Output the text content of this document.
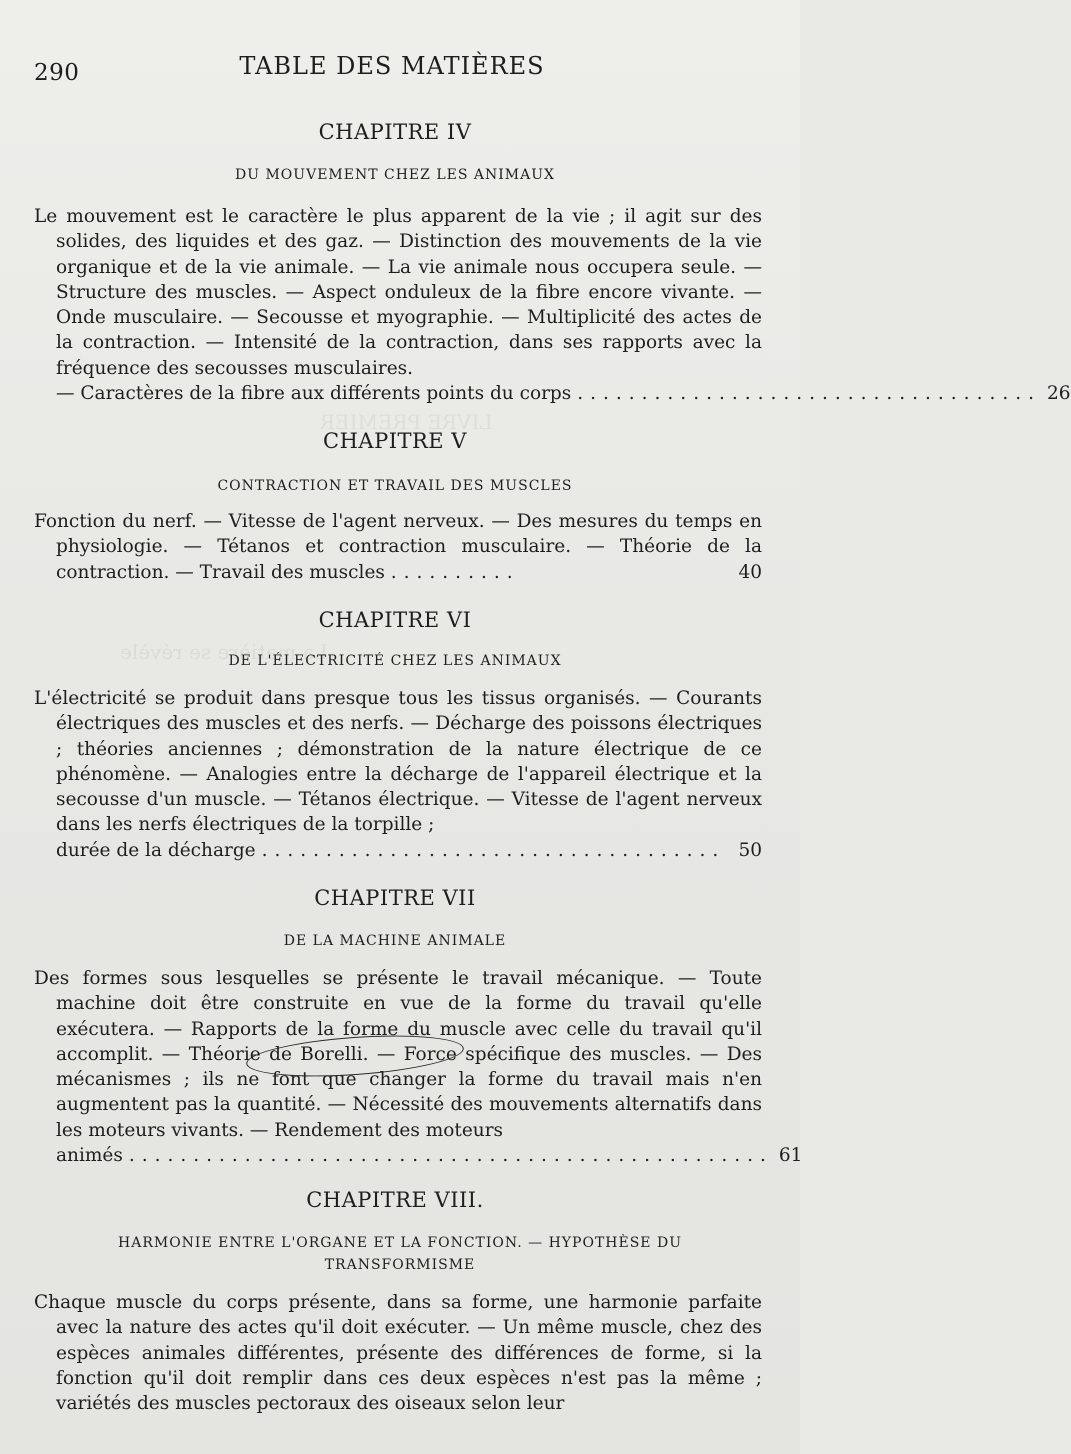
LIVRE PREMIER
La matière se révèle
290	TABLE DES MATIÈRES
CHAPITRE IV
DU MOUVEMENT CHEZ LES ANIMAUX
Le mouvement est le caractère le plus apparent de la vie ; il agit sur des solides, des liquides et des gaz. — Distinction des mouvements de la vie organique et de la vie animale. — La vie animale nous occupera seule. — Structure des muscles. — Aspect onduleux de la fibre encore vivante. — Onde musculaire. — Secousse et myographie. — Multiplicité des actes de la contraction. — Intensité de la contraction, dans ses rapports avec la fréquence des secousses musculaires.
— Caractères de la fibre aux différents points du corps .................................... 26
CHAPITRE V
CONTRACTION ET TRAVAIL DES MUSCLES
Fonction du nerf. — Vitesse de l'agent nerveux. — Des mesures du temps en physiologie. — Tétanos et contraction musculaire. — Théorie de la contraction. — Travail des muscles ..........	40
CHAPITRE VI
DE L'ÉLECTRICITÉ CHEZ LES ANIMAUX
L'électricité se produit dans presque tous les tissus organisés. — Courants électriques des muscles et des nerfs. — Décharge des poissons électriques ; théories anciennes ; démonstration de la nature électrique de ce phénomène. — Analogies entre la décharge de l'appareil électrique et la secousse d'un muscle. — Tétanos électrique. — Vitesse de l'agent nerveux dans les nerfs électriques de la torpille ;
durée de la décharge .................................... 50
CHAPITRE VII
DE LA MACHINE ANIMALE
Des formes sous lesquelles se présente le travail mécanique. — Toute machine doit être construite en vue de la forme du travail qu'elle exécutera. — Rapports de la forme du muscle avec celle du travail qu'il accomplit. — Théorie de Borelli. — Force spécifique des muscles. — Des mécanismes ; ils ne font que changer la forme du travail mais n'en augmentent pas la quantité. — Nécessité des mouvements alternatifs dans les moteurs vivants. — Rendement des moteurs
animés .................................................. 61
CHAPITRE VIII.
HARMONIE ENTRE L'ORGANE ET LA FONCTION. — HYPOTHÈSE DU TRANSFORMISME
Chaque muscle du corps présente, dans sa forme, une harmonie parfaite avec la nature des actes qu'il doit exécuter. — Un même muscle, chez des espèces animales différentes, présente des différences de forme, si la fonction qu'il doit remplir dans ces deux espèces n'est pas la même ; variétés des muscles pectoraux des oiseaux selon leur
